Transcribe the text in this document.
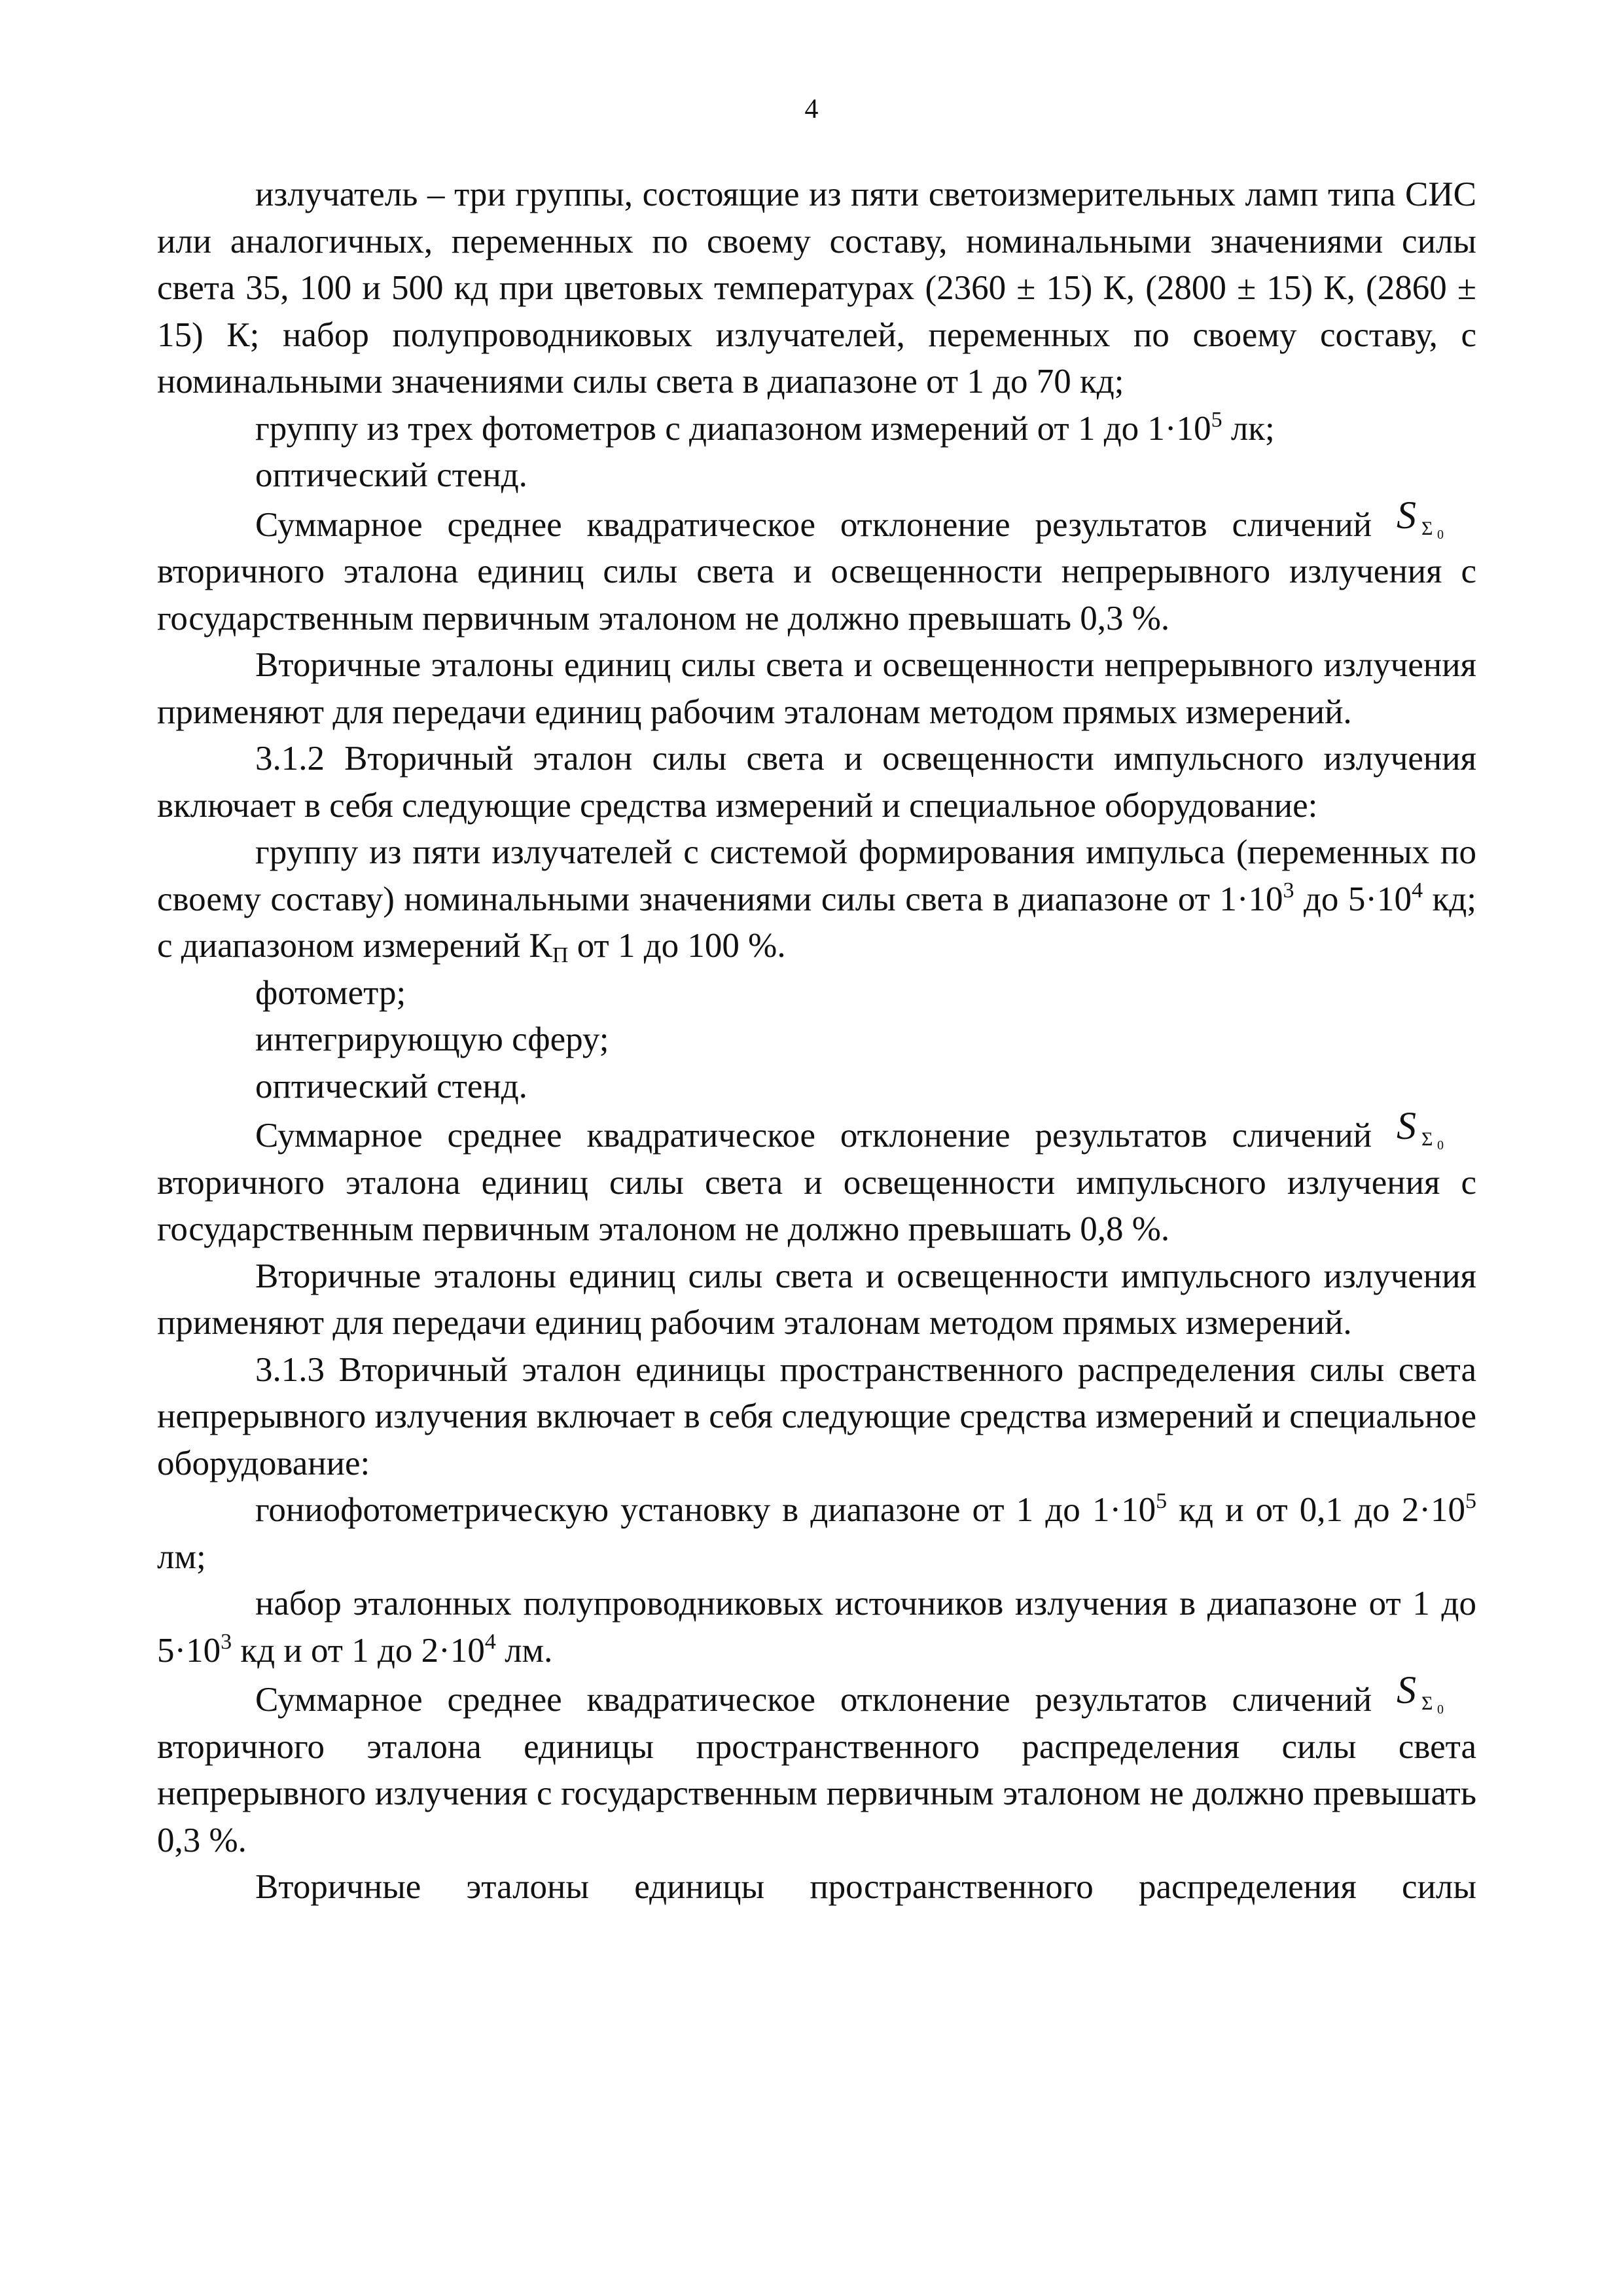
4

излучатель – три группы, состоящие из пяти светоизмерительных ламп типа СИС или аналогичных, переменных по своему составу, номинальными значениями силы света 35, 100 и 500 кд при цветовых температурах (2360 ± 15) К, (2800 ± 15) К, (2860 ± 15) К; набор полупроводниковых излучателей, переменных по своему составу, с номинальными значениями силы света в диапазоне от 1 до 70 кд;

группу из трех фотометров с диапазоном измерений от 1 до $1\cdot 10^5$ лк;

оптический стенд.

Суммарное среднее квадратическое отклонение результатов сличений S Σ 0
вторичного эталона единиц силы света и освещенности непрерывного излучения с государственным первичным эталоном не должно превышать 0,3 %.

Вторичные эталоны единиц силы света и освещенности непрерывного излучения применяют для передачи единиц рабочим эталонам методом прямых измерений.

3.1.2 Вторичный эталон силы света и освещенности импульсного излучения включает в себя следующие средства измерений и специальное оборудование:

группу из пяти излучателей с системой формирования импульса (переменных по своему составу) номинальными значениями силы света в диапазоне от $1\cdot 10^3$ до $5\cdot 10^4$ кд; с диапазоном измерений $К_П$ от 1 до 100 %.

фотометр;

интегрирующую сферу;

оптический стенд.

Суммарное среднее квадратическое отклонение результатов сличений S Σ 0
вторичного эталона единиц силы света и освещенности импульсного излучения с государственным первичным эталоном не должно превышать 0,8 %.

Вторичные эталоны единиц силы света и освещенности импульсного излучения применяют для передачи единиц рабочим эталонам методом прямых измерений.

3.1.3 Вторичный эталон единицы пространственного распределения силы света непрерывного излучения включает в себя следующие средства измерений и специальное оборудование:

гониофотометрическую установку в диапазоне от 1 до $1\cdot 10^5$ кд и от 0,1 до $2\cdot 10^5$ лм;

набор эталонных полупроводниковых источников излучения в диапазоне от 1 до $5\cdot 10^3$ кд и от 1 до $2\cdot 10^4$ лм.

Суммарное среднее квадратическое отклонение результатов сличений S Σ 0
вторичного эталона единицы пространственного распределения силы света непрерывного излучения с государственным первичным эталоном не должно превышать 0,3 %.

Вторичные эталоны единицы пространственного распределения силы
